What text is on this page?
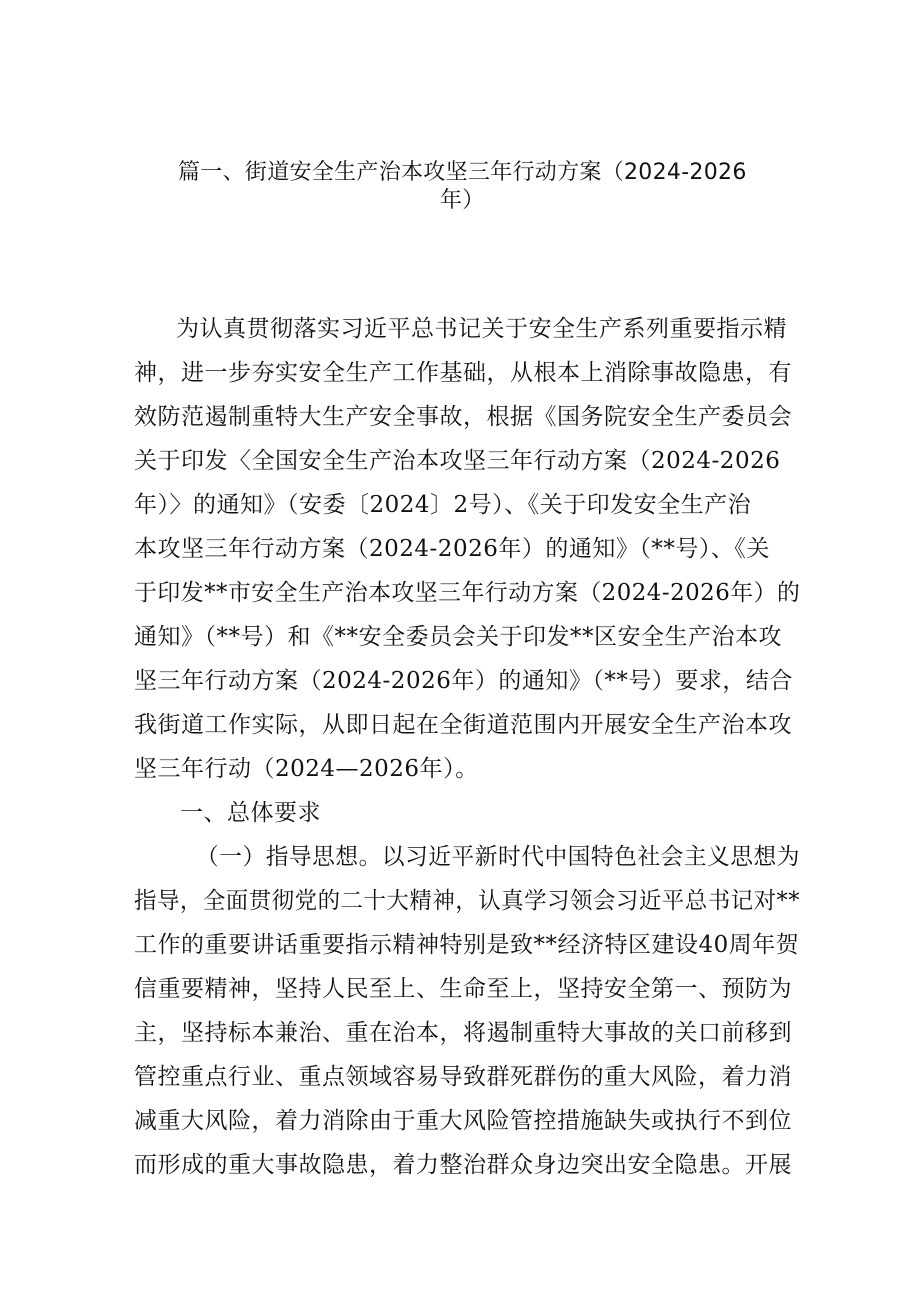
篇一、街道安全生产治本攻坚三年行动方案（2024-2026
年）
为认真贯彻落实习近平总书记关于安全生产系列重要指示精
神，进一步夯实安全生产工作基础，从根本上消除事故隐患，有
效防范遏制重特大生产安全事故，根据《国务院安全生产委员会
关于印发〈全国安全生产治本攻坚三年行动方案（2024-2026
年）〉的通知》（安委〔2024〕2号）、《关于印发安全生产治
本攻坚三年行动方案（2024-2026年）的通知》（**号）、《关
于印发**市安全生产治本攻坚三年行动方案（2024-2026年）的
通知》（**号）和《**安全委员会关于印发**区安全生产治本攻
坚三年行动方案（2024-2026年）的通知》（**号）要求，结合
我街道工作实际，从即日起在全街道范围内开展安全生产治本攻
坚三年行动（2024—2026年）。
一、总体要求
（一）指导思想。以习近平新时代中国特色社会主义思想为
指导，全面贯彻党的二十大精神，认真学习领会习近平总书记对**
工作的重要讲话重要指示精神特别是致**经济特区建设40周年贺
信重要精神，坚持人民至上、生命至上，坚持安全第一、预防为
主，坚持标本兼治、重在治本，将遏制重特大事故的关口前移到
管控重点行业、重点领域容易导致群死群伤的重大风险，着力消
减重大风险，着力消除由于重大风险管控措施缺失或执行不到位
而形成的重大事故隐患，着力整治群众身边突出安全隐患。开展
